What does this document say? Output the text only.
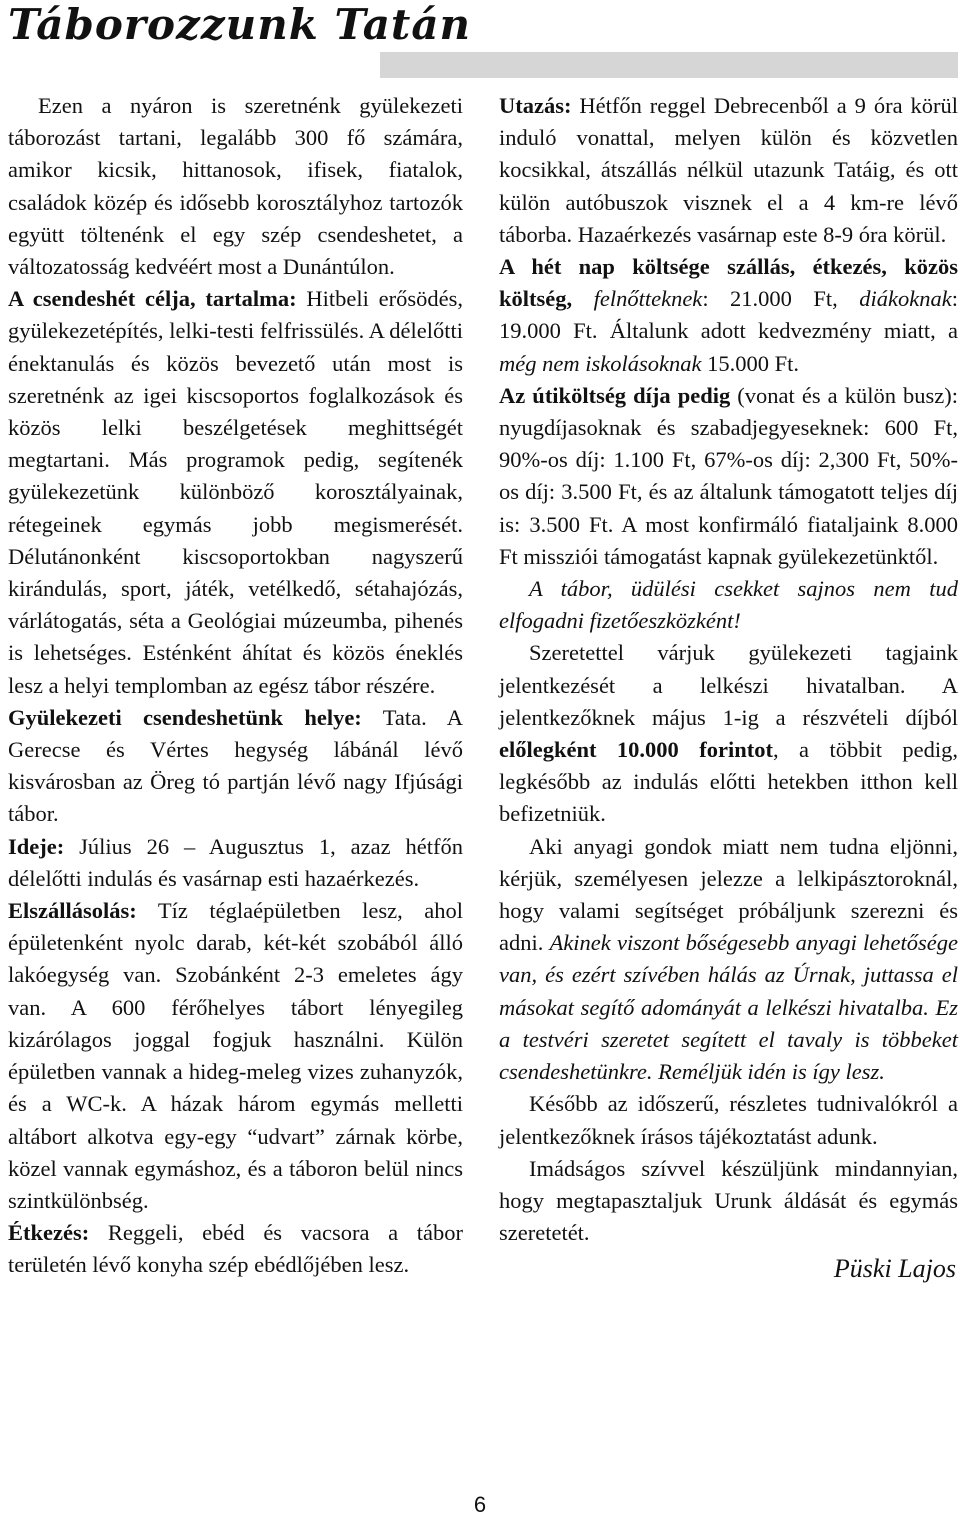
Táborozzunk Tatán

Ezen a nyáron is szeretnénk gyülekezeti táborozást tartani, legalább 300 fő számára, amikor kicsik, hittanosok, ifisek, fiatalok, családok közép és idősebb korosztályhoz tartozók együtt töltenénk el egy szép csendeshetet, a változatosság kedvéért most a Dunántúlon.

A csendeshét célja, tartalma: Hitbeli erősödés, gyülekezetépítés, lelki-testi felfrissülés. A délelőtti énektanulás és közös bevezető után most is szeretnénk az igei kiscsoportos foglalkozások és közös lelki beszélgetések meghittségét megtartani. Más programok pedig, segítenék gyülekezetünk különböző korosztályainak, rétegeinek egymás jobb megismerését. Délutánonként kiscsoportokban nagyszerű kirándulás, sport, játék, vetélkedő, sétahajózás, várlátogatás, séta a Geológiai múzeumba, pihenés is lehetséges. Esténként áhítat és közös éneklés lesz a helyi templomban az egész tábor részére.

Gyülekezeti csendeshetünk helye: Tata. A Gerecse és Vértes hegység lábánál lévő kisvárosban az Öreg tó partján lévő nagy Ifjúsági tábor.

Ideje: Július 26 – Augusztus 1, azaz hétfőn délelőtti indulás és vasárnap esti hazaérkezés.

Elszállásolás: Tíz téglaépületben lesz, ahol épületenként nyolc darab, két-két szobából álló lakóegység van. Szobánként 2-3 emeletes ágy van. A 600 férőhelyes tábort lényegileg kizárólagos joggal fogjuk használni. Külön épületben vannak a hideg-meleg vizes zuhanyzók, és a WC-k. A házak három egymás melletti altábort alkotva egy-egy “udvart” zárnak körbe, közel vannak egymáshoz, és a táboron belül nincs szintkülönbség.

Étkezés: Reggeli, ebéd és vacsora a tábor területén lévő konyha szép ebédlőjében lesz.

Utazás: Hétfőn reggel Debrecenből a 9 óra körül induló vonattal, melyen külön és közvetlen kocsikkal, átszállás nélkül utazunk Tatáig, és ott külön autóbuszok visznek el a 4 km-re lévő táborba. Hazaérkezés vasárnap este 8-9 óra körül.

A hét nap költsége szállás, étkezés, közös költség, felnőtteknek: 21.000 Ft, diákoknak: 19.000 Ft. Általunk adott kedvezmény miatt, a még nem iskolásoknak 15.000 Ft.

Az útiköltség díja pedig (vonat és a külön busz): nyugdíjasoknak és szabadjegyeseknek: 600 Ft, 90%-os díj: 1.100 Ft, 67%-os díj: 2,300 Ft, 50%-os díj: 3.500 Ft, és az általunk támogatott teljes díj is: 3.500 Ft. A most konfirmáló fiataljaink 8.000 Ft missziói támogatást kapnak gyülekezetünktől.

A tábor, üdülési csekket sajnos nem tud elfogadni fizetőeszközként!

Szeretettel várjuk gyülekezeti tagjaink jelentkezését a lelkészi hivatalban. A jelentkezőknek május 1-ig a részvételi díjból előlegként 10.000 forintot, a többit pedig, legkésőbb az indulás előtti hetekben itthon kell befizetniük.

Aki anyagi gondok miatt nem tudna eljönni, kérjük, személyesen jelezze a lelkipásztoroknál, hogy valami segítséget próbáljunk szerezni és adni. Akinek viszont bőségesebb anyagi lehetősége van, és ezért szívében hálás az Úrnak, juttassa el másokat segítő adományát a lelkészi hivatalba. Ez a testvéri szeretet segített el tavaly is többeket csendeshetünkre. Reméljük idén is így lesz.

Később az időszerű, részletes tudnivalókról a jelentkezőknek írásos tájékoztatást adunk.

Imádságos szívvel készüljünk mindannyian, hogy megtapasztaljuk Urunk áldását és egymás szeretetét.

Püski Lajos

6
